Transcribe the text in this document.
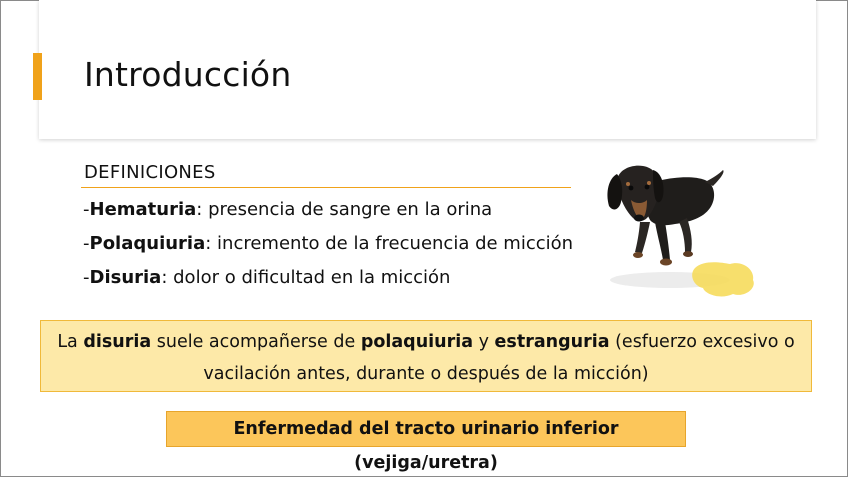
Introducción
DEFINICIONES
-Hematuria: presencia de sangre en la orina
-Polaquiuria: incremento de la frecuencia de micción
-Disuria: dolor o dificultad en la micción
La disuria suele acompañerse de polaquiuria y estranguria (esfuerzo excesivo o vacilación antes, durante o después de la micción)
Enfermedad del tracto urinario inferior (vejiga/uretra)
